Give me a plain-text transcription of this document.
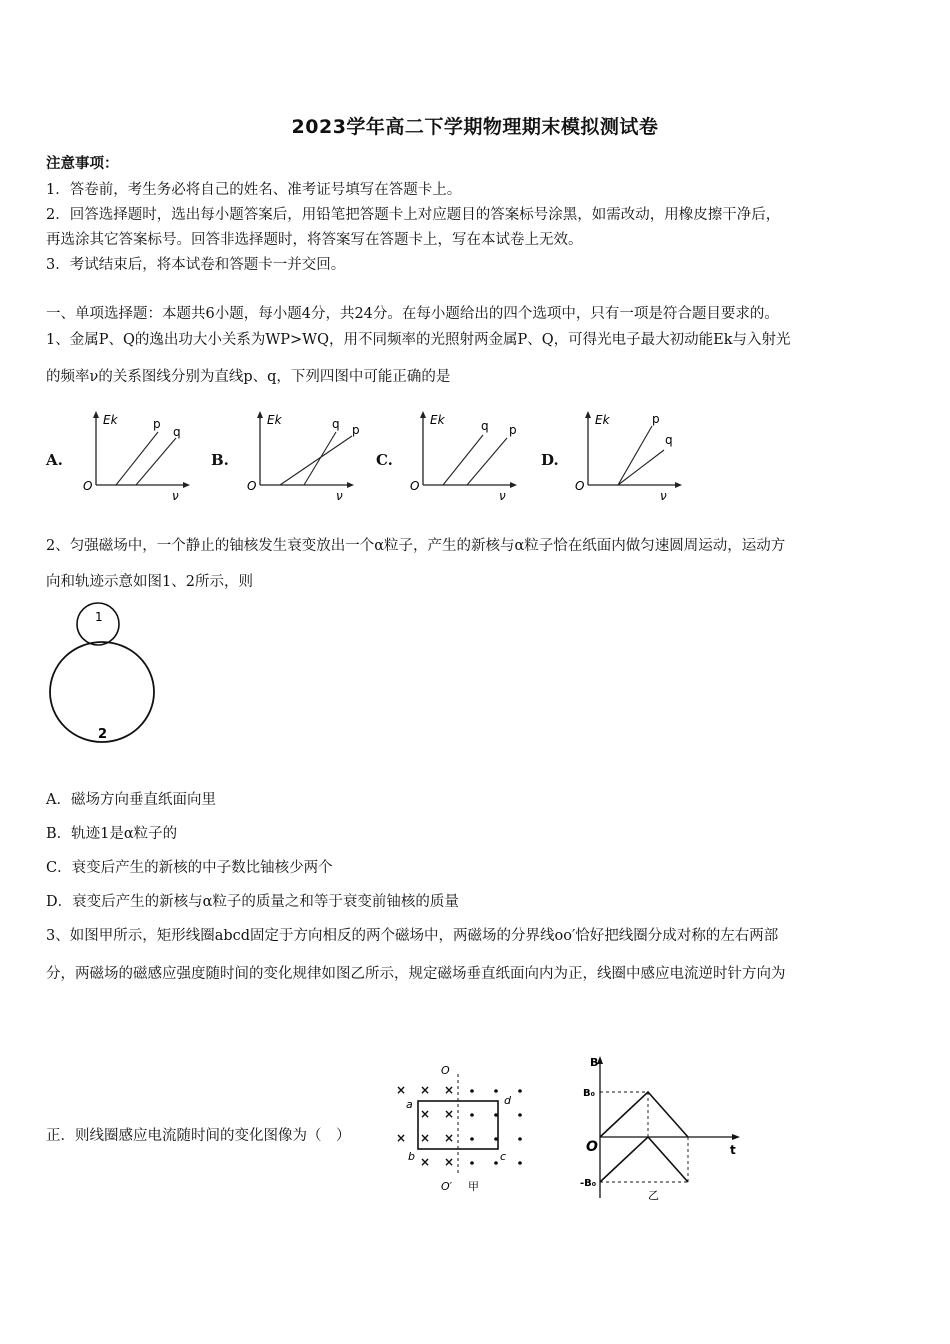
2023学年高二下学期物理期末模拟测试卷
注意事项：
1．答卷前，考生务必将自己的姓名、准考证号填写在答题卡上。
2．回答选择题时，选出每小题答案后，用铅笔把答题卡上对应题目的答案标号涂黑，如需改动，用橡皮擦干净后，
再选涂其它答案标号。回答非选择题时，将答案写在答题卡上，写在本试卷上无效。
3．考试结束后，将本试卷和答题卡一并交回。
一、单项选择题：本题共6小题，每小题4分，共24分。在每小题给出的四个选项中，只有一项是符合题目要求的。
1、金属P、Q的逸出功大小关系为WP>WQ，用不同频率的光照射两金属P、Q，可得光电子最大初动能Ek与入射光
的频率ν的关系图线分别为直线p、q，下列四图中可能正确的是
A.	B.	C.	D.
Ek	p
q
O
ν
Ek	q p
O
ν
Ek	q p
O
ν
Ek	p
q
O
ν
2、匀强磁场中，一个静止的铀核发生衰变放出一个α粒子，产生的新核与α粒子恰在纸面内做匀速圆周运动，运动方
向和轨迹示意如图1、2所示，则
1
2
A．磁场方向垂直纸面向里
B．轨迹1是α粒子的
C．衰变后产生的新核的中子数比铀核少两个
D．衰变后产生的新核与α粒子的质量之和等于衰变前铀核的质量
3、如图甲所示，矩形线圈abcd固定于方向相反的两个磁场中，两磁场的分界线oo′恰好把线圈分成对称的左右两部
分，两磁场的磁感应强度随时间的变化规律如图乙所示，规定磁场垂直纸面向内为正，线圈中感应电流逆时针方向为
正．则线圈感应电流随时间的变化图像为（　）
× × ×
× ×
× × ×
× ×
O
O′
a
b	c
d
甲
B
B₀
-B₀
O	t
乙
